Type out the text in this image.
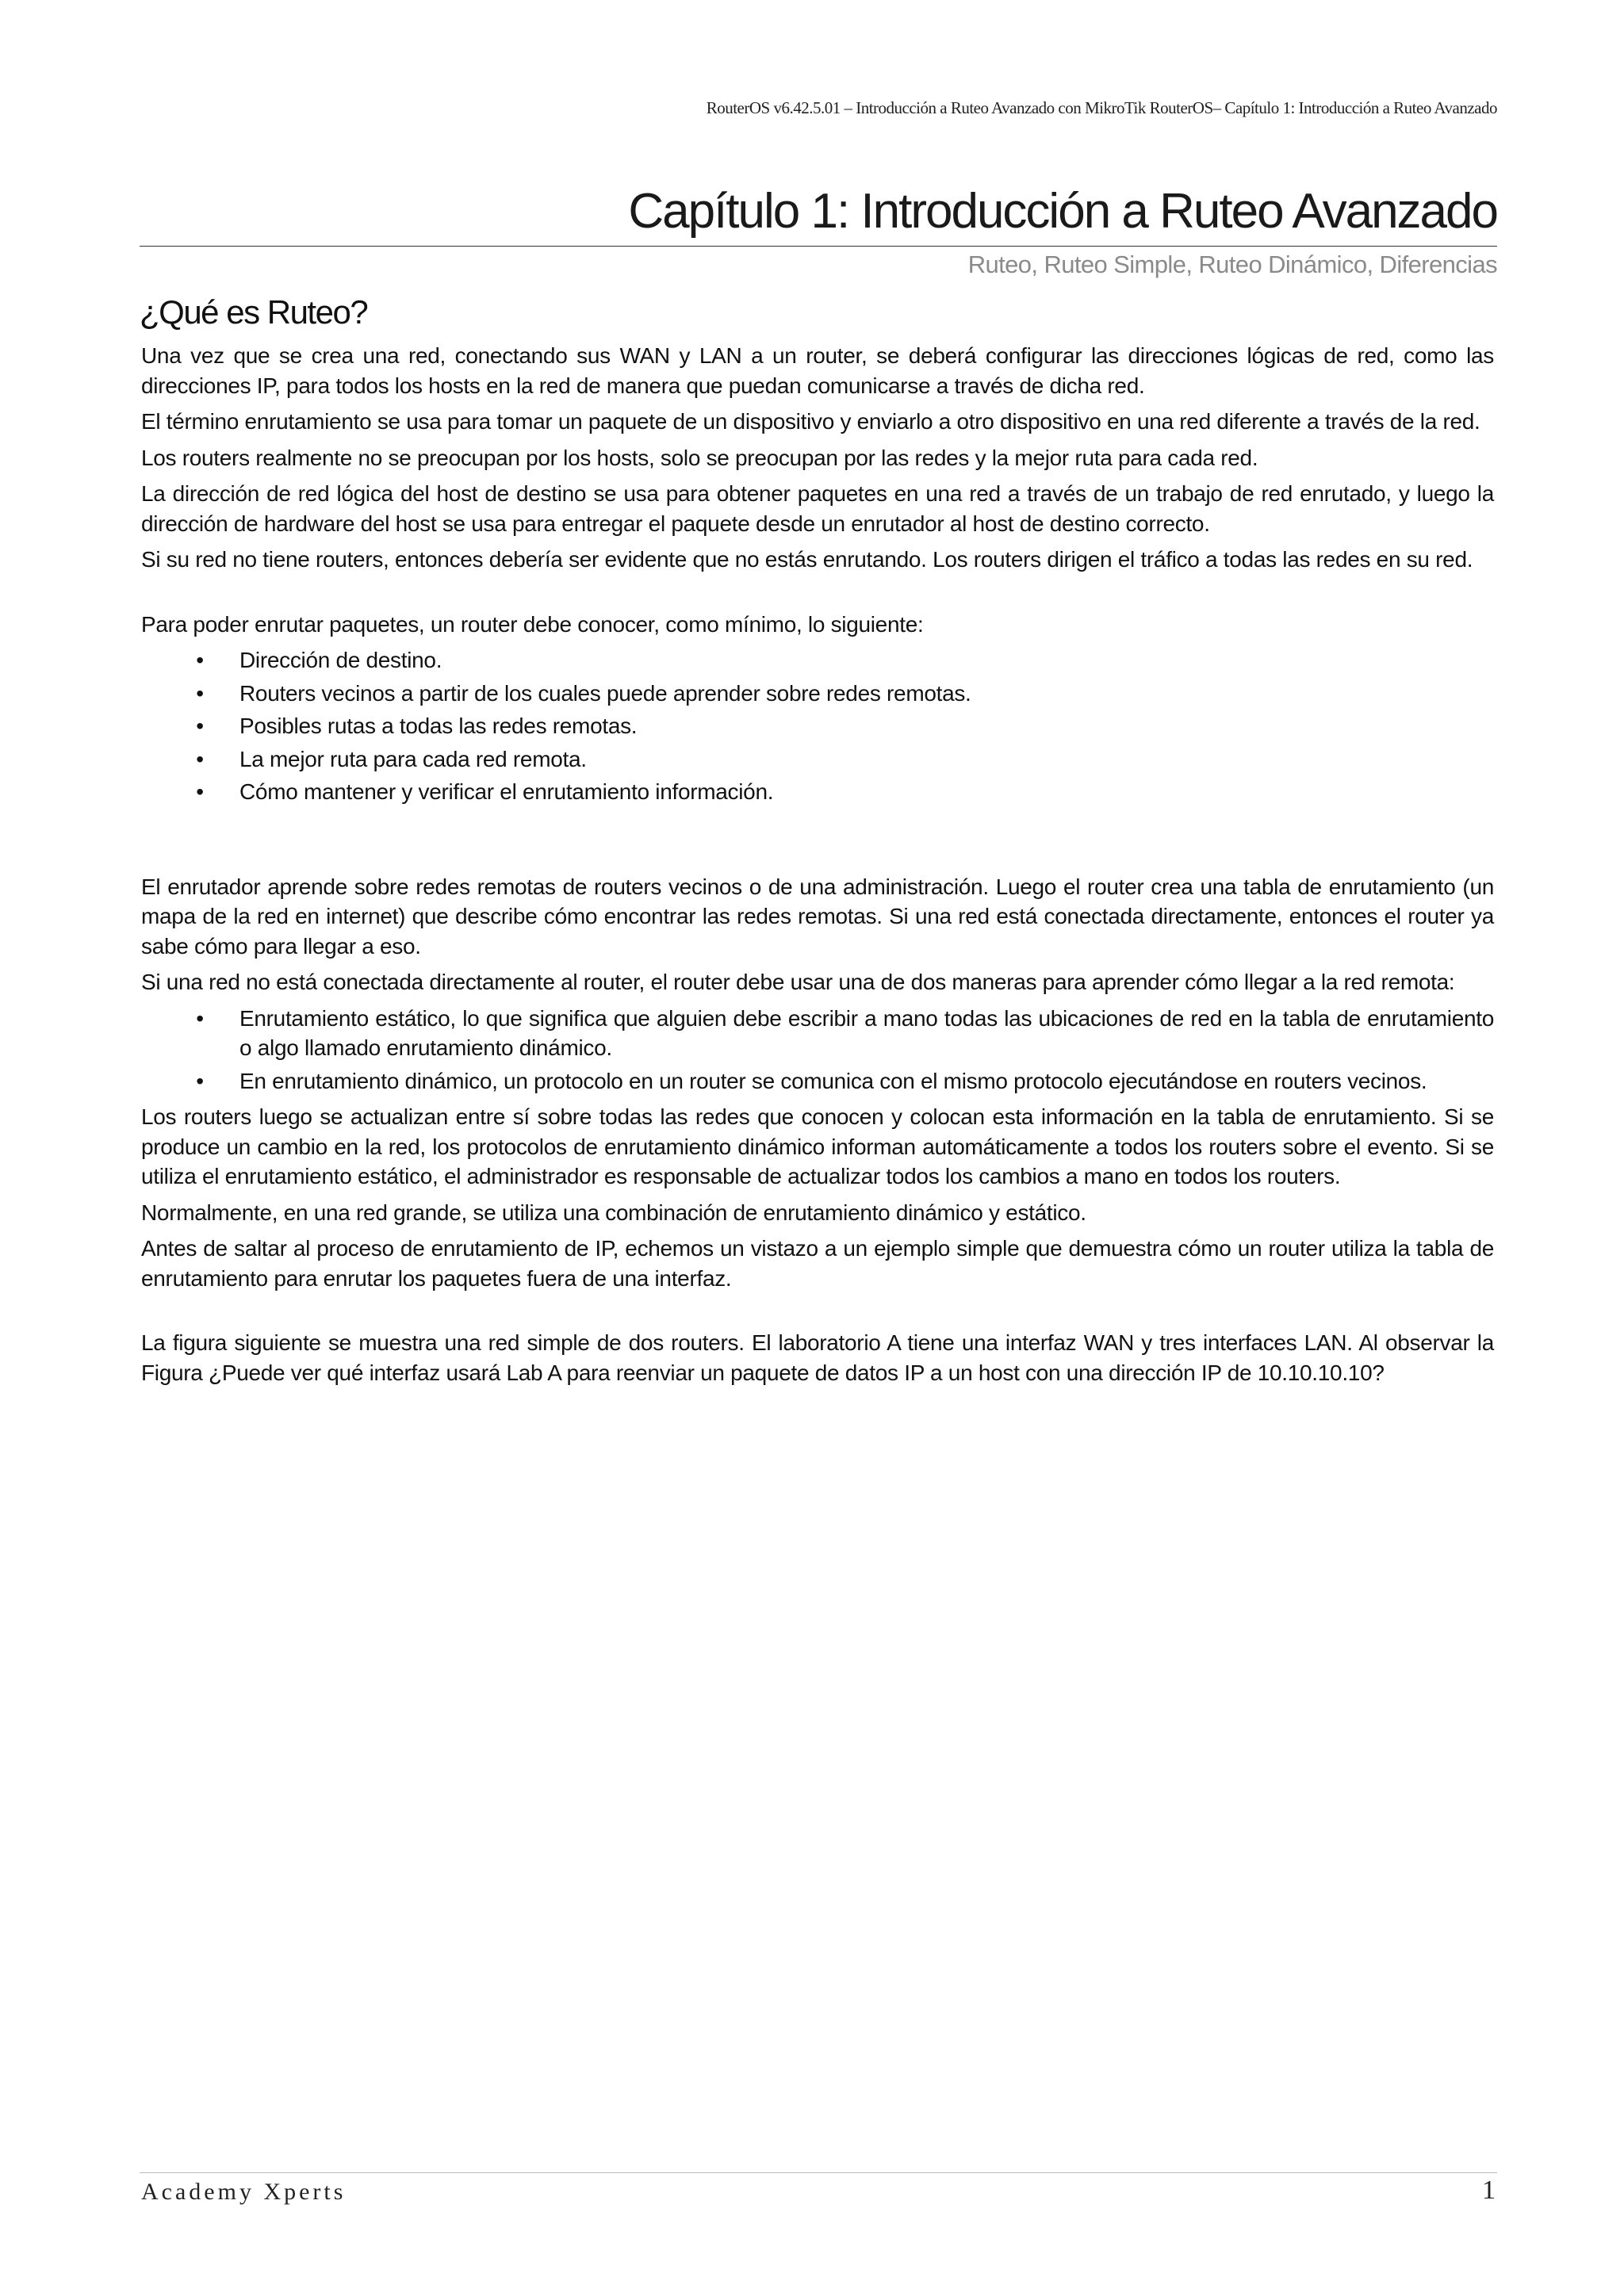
RouterOS v6.42.5.01 – Introducción a Ruteo Avanzado con MikroTik RouterOS– Capítulo 1: Introducción a Ruteo Avanzado
Capítulo 1: Introducción a Ruteo Avanzado
Ruteo, Ruteo Simple, Ruteo Dinámico, Diferencias
¿Qué es Ruteo?

Una vez que se crea una red, conectando sus WAN y LAN a un router, se deberá configurar las direcciones lógicas de red, como las direcciones IP, para todos los hosts en la red de manera que puedan comunicarse a través de dicha red.

El término enrutamiento se usa para tomar un paquete de un dispositivo y enviarlo a otro dispositivo en una red diferente a través de la red.

Los routers realmente no se preocupan por los hosts, solo se preocupan por las redes y la mejor ruta para cada red.

La dirección de red lógica del host de destino se usa para obtener paquetes en una red a través de un trabajo de red enrutado, y luego la dirección de hardware del host se usa para entregar el paquete desde un enrutador al host de destino correcto.

Si su red no tiene routers, entonces debería ser evidente que no estás enrutando. Los routers dirigen el tráfico a todas las redes en su red.

Para poder enrutar paquetes, un router debe conocer, como mínimo, lo siguiente:

• Dirección de destino.
• Routers vecinos a partir de los cuales puede aprender sobre redes remotas.
• Posibles rutas a todas las redes remotas.
• La mejor ruta para cada red remota.
• Cómo mantener y verificar el enrutamiento información.

El enrutador aprende sobre redes remotas de routers vecinos o de una administración. Luego el router crea una tabla de enrutamiento (un mapa de la red en internet) que describe cómo encontrar las redes remotas. Si una red está conectada directamente, entonces el router ya sabe cómo para llegar a eso.

Si una red no está conectada directamente al router, el router debe usar una de dos maneras para aprender cómo llegar a la red remota:

• Enrutamiento estático, lo que significa que alguien debe escribir a mano todas las ubicaciones de red en la tabla de enrutamiento o algo llamado enrutamiento dinámico.
• En enrutamiento dinámico, un protocolo en un router se comunica con el mismo protocolo ejecutándose en routers vecinos.

Los routers luego se actualizan entre sí sobre todas las redes que conocen y colocan esta información en la tabla de enrutamiento. Si se produce un cambio en la red, los protocolos de enrutamiento dinámico informan automáticamente a todos los routers sobre el evento. Si se utiliza el enrutamiento estático, el administrador es responsable de actualizar todos los cambios a mano en todos los routers.

Normalmente, en una red grande, se utiliza una combinación de enrutamiento dinámico y estático.

Antes de saltar al proceso de enrutamiento de IP, echemos un vistazo a un ejemplo simple que demuestra cómo un router utiliza la tabla de enrutamiento para enrutar los paquetes fuera de una interfaz.

La figura siguiente se muestra una red simple de dos routers. El laboratorio A tiene una interfaz WAN y tres interfaces LAN. Al observar la Figura ¿Puede ver qué interfaz usará Lab A para reenviar un paquete de datos IP a un host con una dirección IP de 10.10.10.10?

Academy Xperts	1
